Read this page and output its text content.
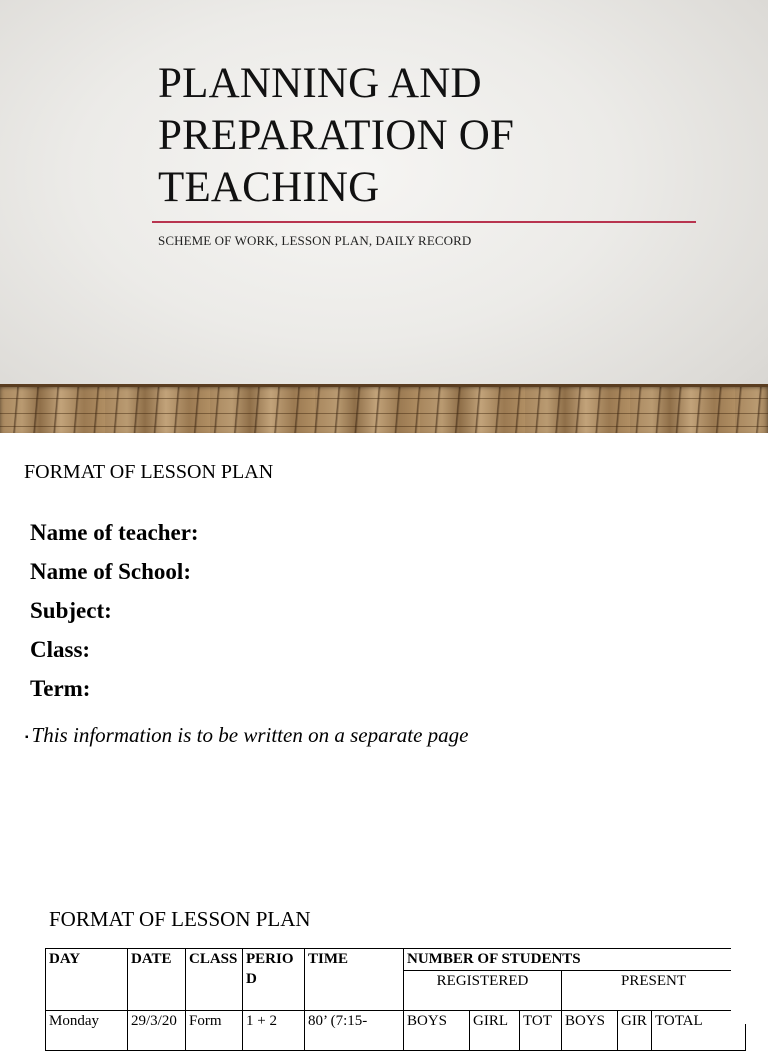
PLANNING AND
PREPARATION OF
TEACHING
SCHEME OF WORK, LESSON PLAN, DAILY RECORD
FORMAT OF LESSON PLAN
Name of teacher:
Name of School:
Subject:
Class:
Term:
▪ This information is to be written on a separate page
FORMAT OF LESSON PLAN
DAY	DATE	CLASS	PERIOD	TIME	NUMBER OF STUDENTS					
					REGISTERED			PRESENT		
Monday	29/3/20	Form	1 + 2	80’ (7:15-	BOYS	GIRL	TOT	BOYS	GIR	TOTAL
